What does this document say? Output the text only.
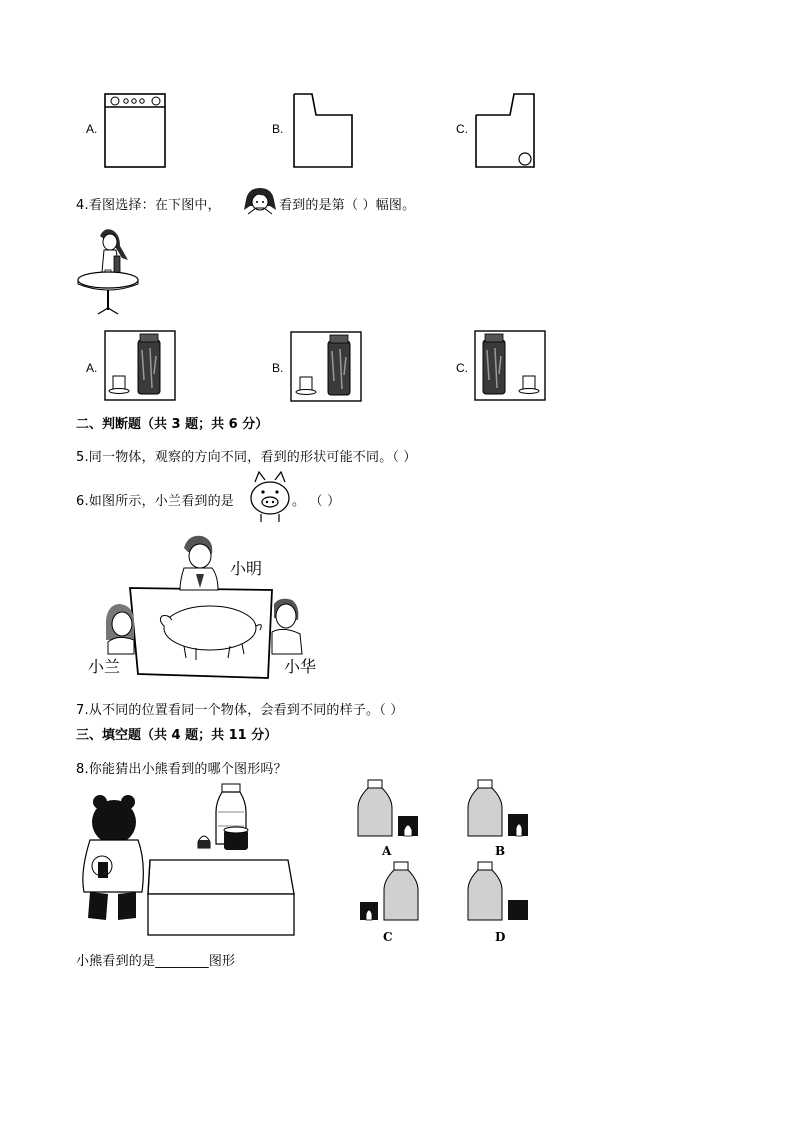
A.	B.	C.
4.看图选择：在下图中，	看到的是第（ ）幅图。
A.	B.	C.
二、判断题（共 3 题；共 6 分）
5.同一物体，观察的方向不同，看到的形状可能不同。（ ）
6.如图所示，小兰看到的是	。 （ ）
小明
小兰	小华
7.从不同的位置看同一个物体，会看到不同的样子。（ ）
三、填空题（共 4 题；共 11 分）
8.你能猜出小熊看到的哪个图形吗？
A	B
C	D
小熊看到的是________图形
